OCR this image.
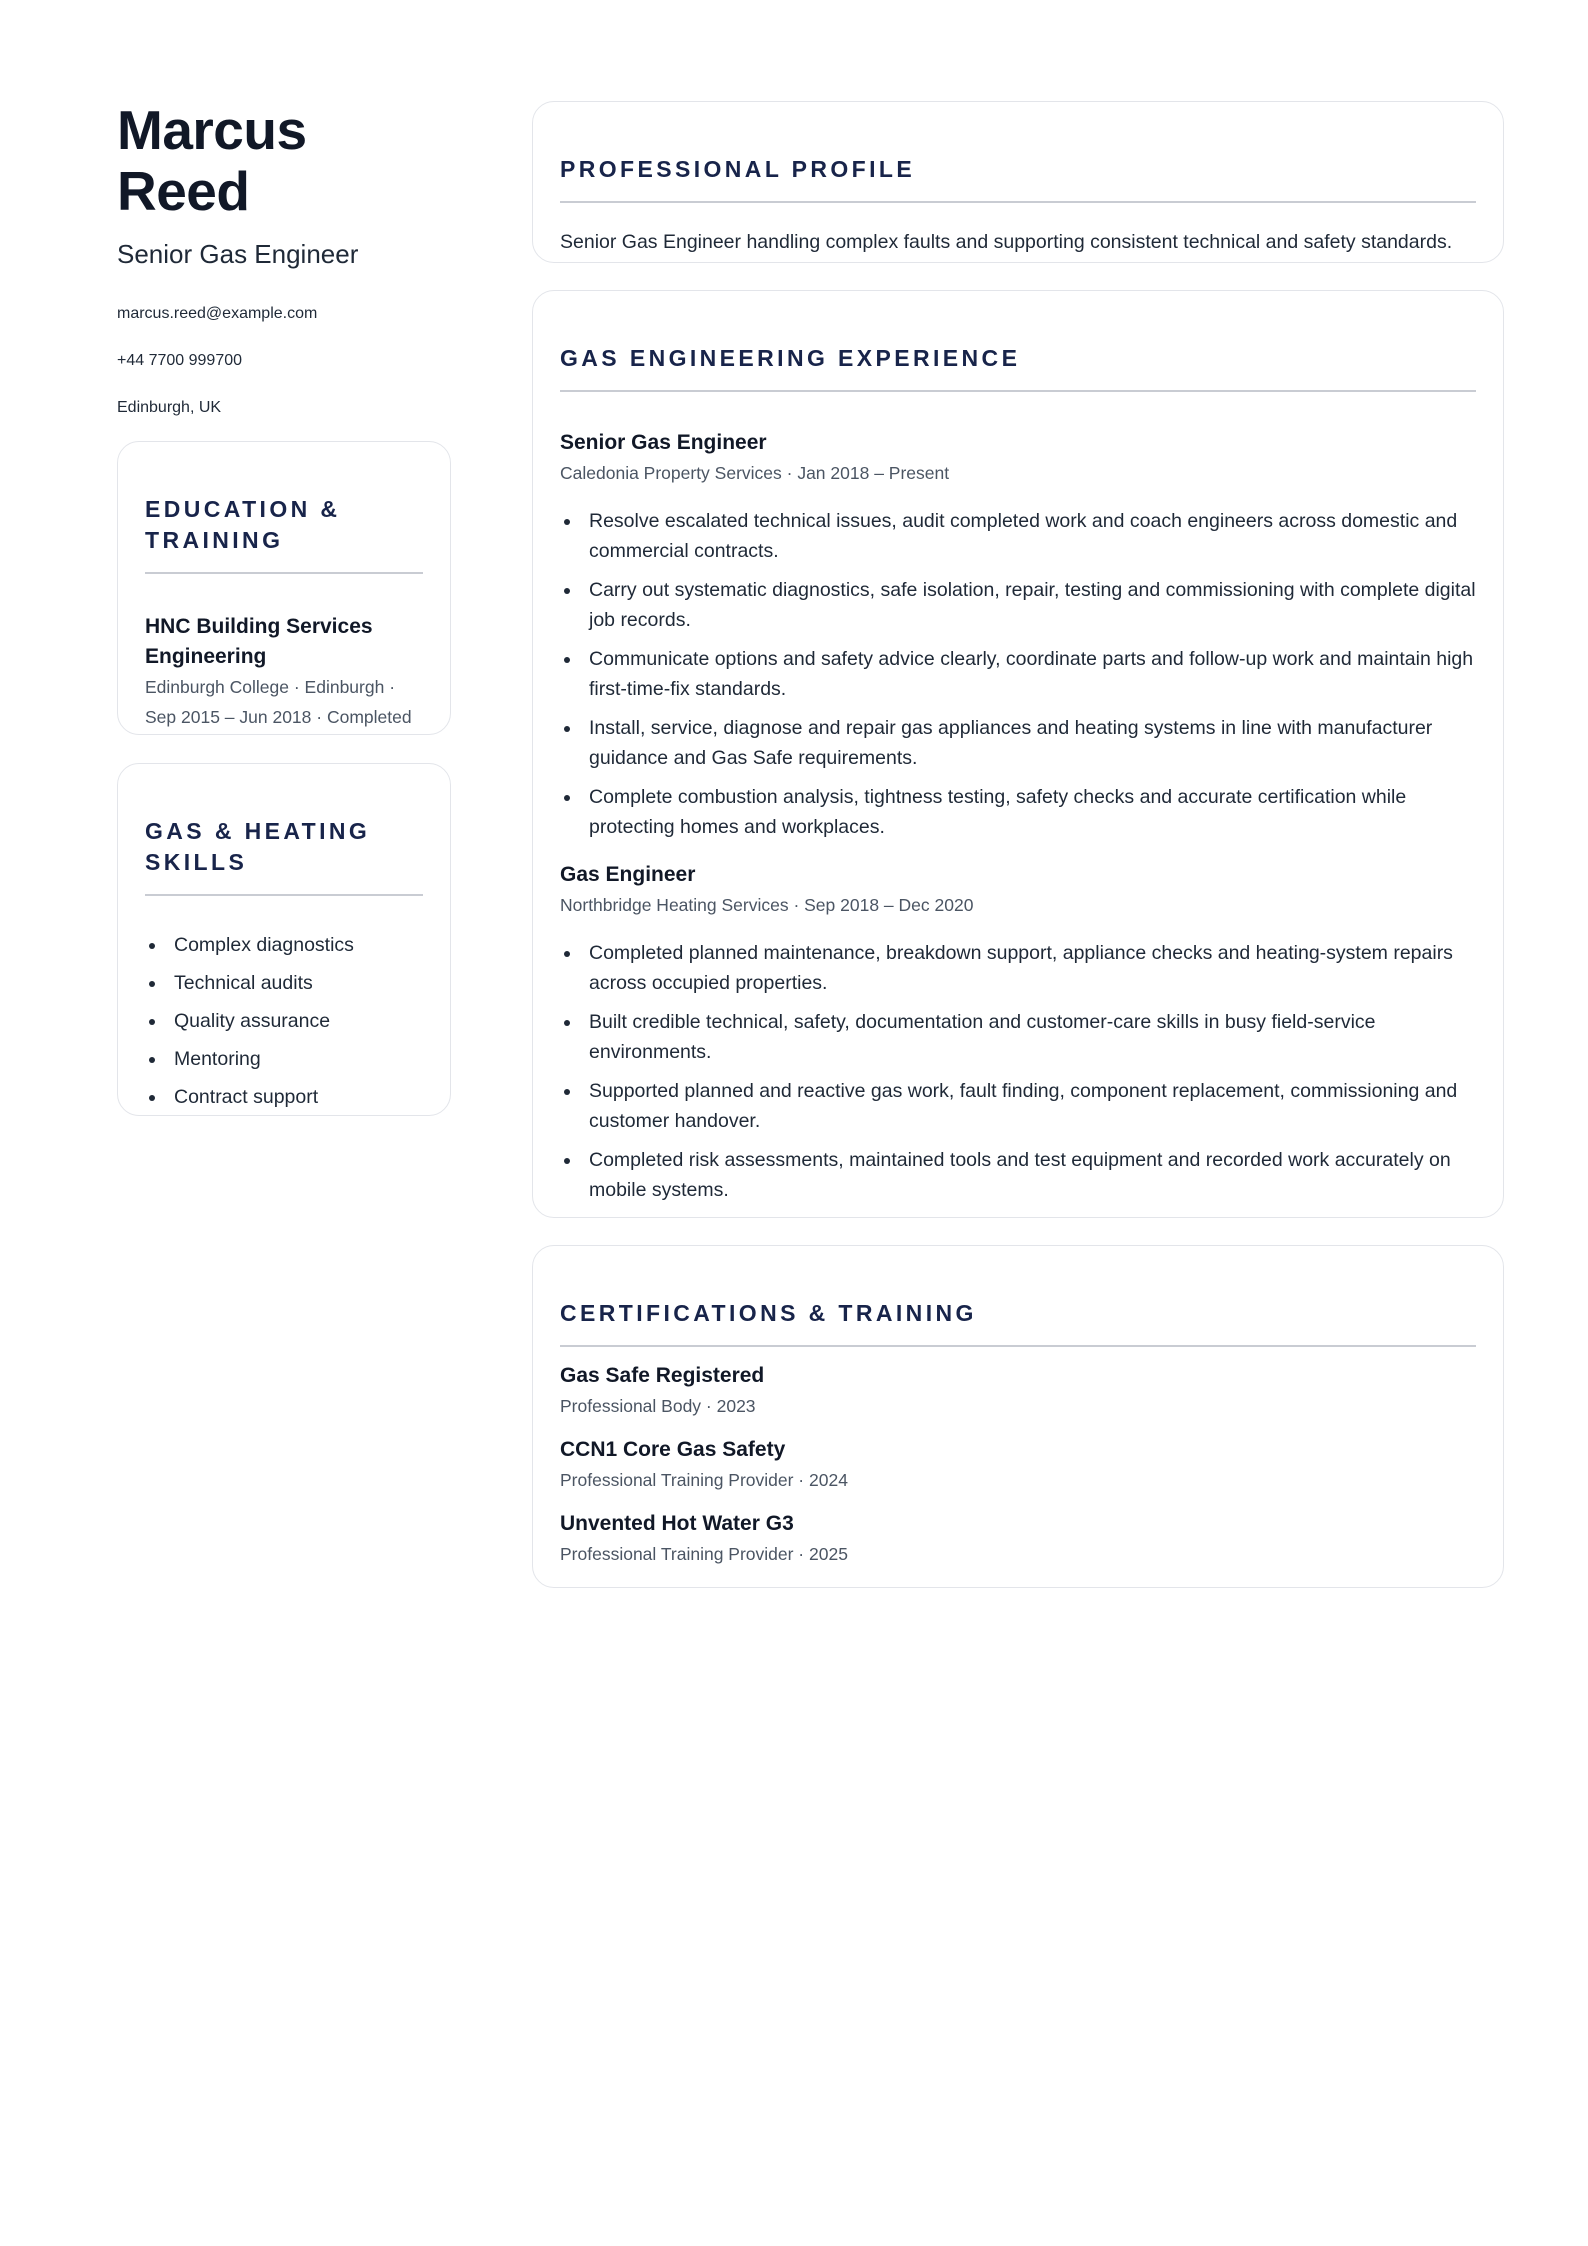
Marcus Reed
Senior Gas Engineer
marcus.reed@example.com
+44 7700 999700
Edinburgh, UK
EDUCATION & TRAINING
HNC Building Services Engineering
Edinburgh College · Edinburgh · Sep 2015 – Jun 2018 · Completed
GAS & HEATING SKILLS
Complex diagnostics
Technical audits
Quality assurance
Mentoring
Contract support
PROFESSIONAL PROFILE
Senior Gas Engineer handling complex faults and supporting consistent technical and safety standards.
GAS ENGINEERING EXPERIENCE
Senior Gas Engineer
Caledonia Property Services · Jan 2018 – Present
Resolve escalated technical issues, audit completed work and coach engineers across domestic and commercial contracts.
Carry out systematic diagnostics, safe isolation, repair, testing and commissioning with complete digital job records.
Communicate options and safety advice clearly, coordinate parts and follow-up work and maintain high first-time-fix standards.
Install, service, diagnose and repair gas appliances and heating systems in line with manufacturer guidance and Gas Safe requirements.
Complete combustion analysis, tightness testing, safety checks and accurate certification while protecting homes and workplaces.
Gas Engineer
Northbridge Heating Services · Sep 2018 – Dec 2020
Completed planned maintenance, breakdown support, appliance checks and heating-system repairs across occupied properties.
Built credible technical, safety, documentation and customer-care skills in busy field-service environments.
Supported planned and reactive gas work, fault finding, component replacement, commissioning and customer handover.
Completed risk assessments, maintained tools and test equipment and recorded work accurately on mobile systems.
CERTIFICATIONS & TRAINING
Gas Safe Registered
Professional Body · 2023
CCN1 Core Gas Safety
Professional Training Provider · 2024
Unvented Hot Water G3
Professional Training Provider · 2025
